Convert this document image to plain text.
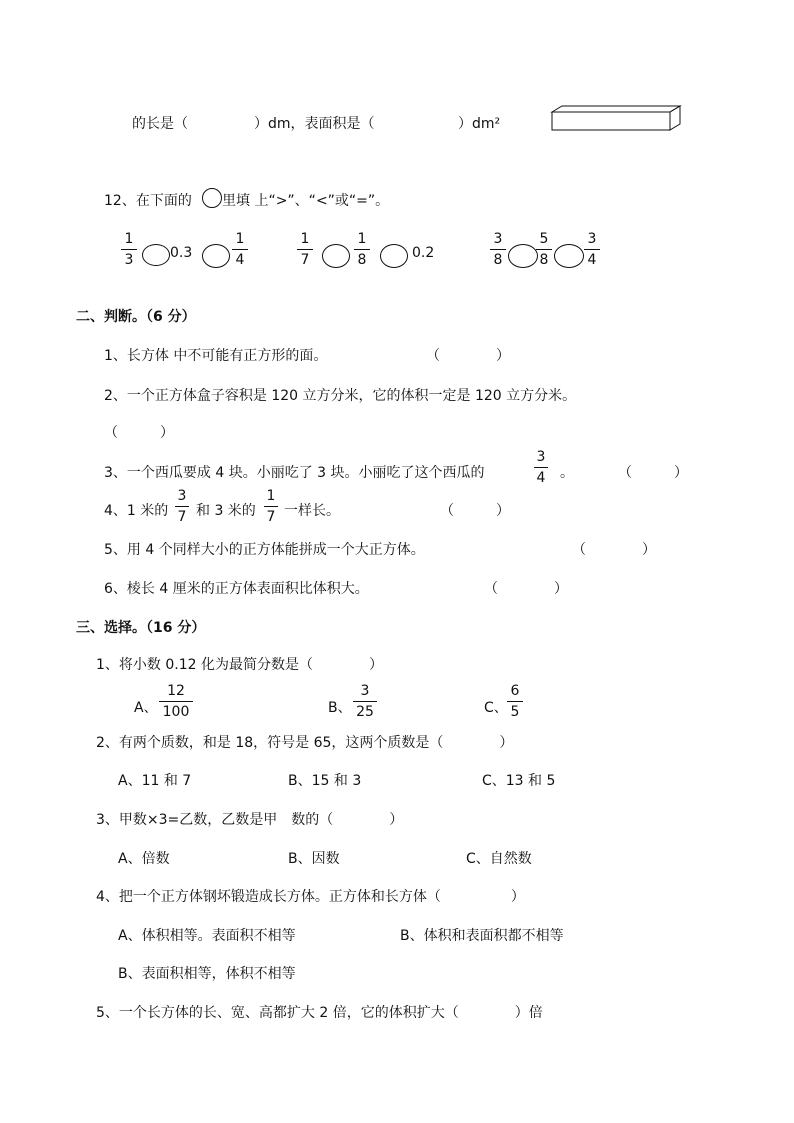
的长是（	）dm，表面积是（	）dm²
12、在下面的 里填 上“>”、“<”或“=”。
1
3	0.3
1
4
1
7
1
8	0.2
3
8
5
8
3
4
二、判断。（6 分）
1、长方体 中不可能有正方形的面。	（　　　　）
2、一个正方体盒子容积是 120 立方分米，它的体积一定是 120 立方分米。
（　　　）
3、一个西瓜要成 4 块。小丽吃了 3 块。小丽吃了这个西瓜的
3
4 。	（　　　）
4、1 米的
3
7 和 3 米的
1
7 一样长。	（　　　）
5、用 4 个同样大小的正方体能拼成一个大正方体。	（　　　　）
6、棱长 4 厘米的正方体表面积比体积大。	（　　　　）
三、选择。（16 分）
1、将小数 0.12 化为最简分数是（　　　　）
A、
12
100	B、
3
25	C、
6
5
2、有两个质数，和是 18，符号是 65，这两个质数是（　　　　）
A、11 和 7	B、15 和 3	C、13 和 5
3、甲数×3=乙数，乙数是甲　数的（　　　　）
A、倍数	B、因数	C、自然数
4、把一个正方体钢坏锻造成长方体。正方体和长方体（　　　　　）
A、体积相等。表面积不相等	B、体积和表面积都不相等
B、表面积相等，体积不相等
5、一个长方体的长、宽、高都扩大 2 倍，它的体积扩大（　　　　）倍
